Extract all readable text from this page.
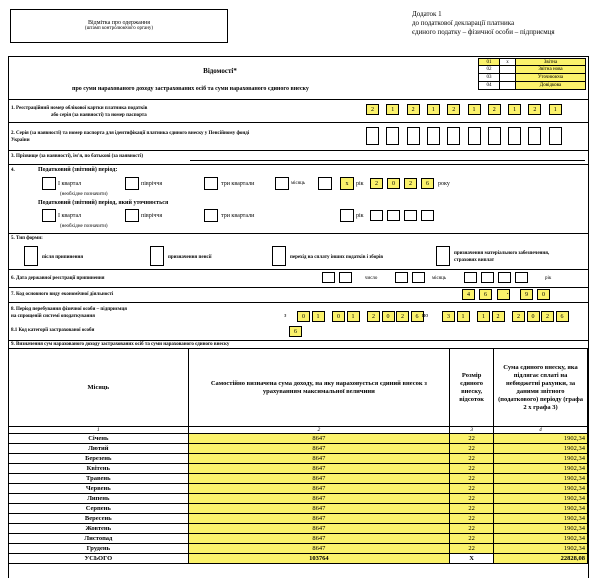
Відмітка про одержання
(штамп контролюючого органу)
Додаток 1
до податкової декларації платника
єдиного податку – фізичної особи – підприємця
01	x	Звітна
02	Звітна нова
03	Уточнююча
04	Довідкова
Відомості*
про суми нарахованого доходу застрахованих осіб та суми нарахованого єдиного внеску
1. Реєстраційний номер облікової картки платника податків
або серія (за наявності) та номер паспорта
2	1	2	1	2	1	2	1	2	1
2. Серія (за наявності) та номер паспорта для ідентифікації платника єдиного внеску у Пенсійному фонді
України
3. Прізвище (за наявності), ім'я, по батькові (за наявності)
4.	Податковий (звітний) період:
І квартал
(необхідне позначити)
півріччя	три квартали	місяць	x	рік	2	0	2	6	року
Податковий (звітний) період, який уточнюється
І квартал
(необхідне позначити)
півріччя	три квартали	рік
5. Тип форми:
після припинення	призначення пенсії	перехід на сплату інших податків і зборів
призначення матеріального забезпечення,
страхових виплат
6. Дата державної реєстрації припинення	число	місяць	рік
7. Код основного виду економічної діяльності	4	6	.	9	0
8. Період перебування фізичної особи – підприємця
на спрощеній системі оподаткування	з	0	1	0	1	2	0	2	6 по	3	1	1	2	2	0	2	6
8.1 Код категорії застрахованої особи	6
9. Визначення сум нарахованого доходу застрахованих осіб та суми нарахованого єдиного внеску
Місяць	Самостійно визначена сума доходу, на яку нараховується єдиний внесок з урахуванням максимальної величини	Розмір єдиного внеску, відсоток	Сума єдиного внеску, яка підлягає сплаті на небюджетні рахунки, за даними звітного (податкового) періоду (графа 2 х графа 3)
1	2	3	4
Січень	8647	22	1902,34
Лютий	8647	22	1902,34
Березень	8647	22	1902,34
Квітень	8647	22	1902,34
Травень	8647	22	1902,34
Червень	8647	22	1902,34
Липень	8647	22	1902,34
Серпень	8647	22	1902,34
Вересень	8647	22	1902,34
Жовтень	8647	22	1902,34
Листопад	8647	22	1902,34
Грудень	8647	22	1902,34
УСЬОГО	103764	Х	22828,08
